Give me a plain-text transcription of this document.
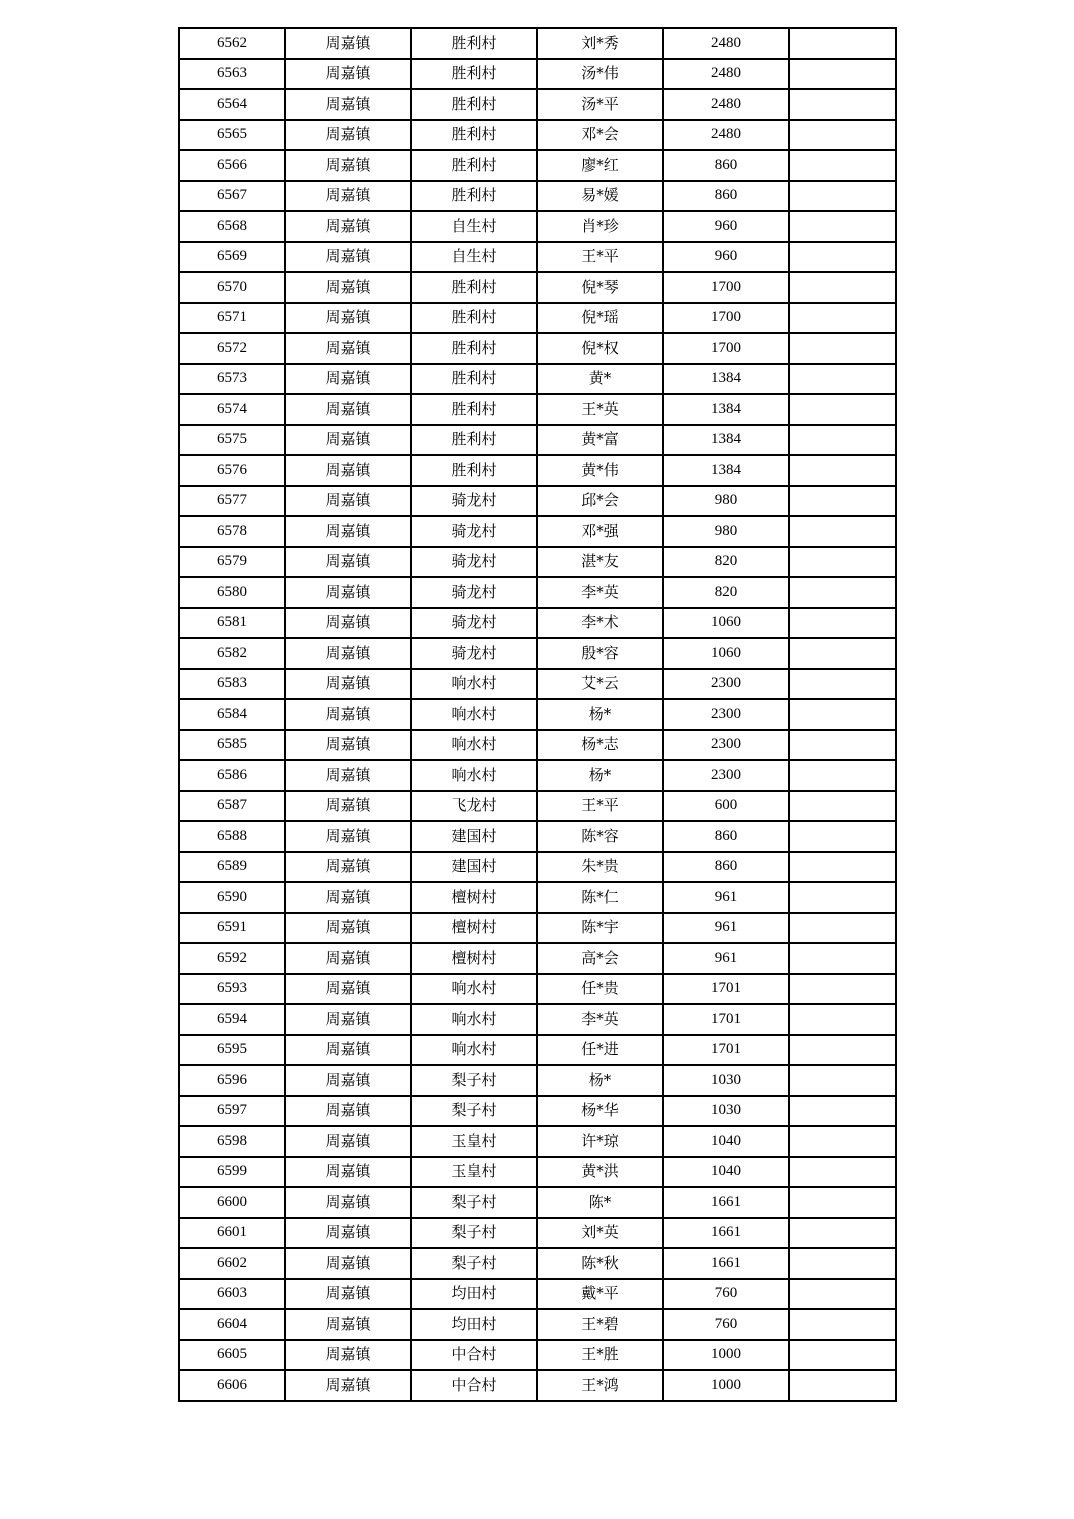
6562	周嘉镇	胜利村	刘*秀	2480	
6563	周嘉镇	胜利村	汤*伟	2480	
6564	周嘉镇	胜利村	汤*平	2480	
6565	周嘉镇	胜利村	邓*会	2480	
6566	周嘉镇	胜利村	廖*红	860	
6567	周嘉镇	胜利村	易*媛	860	
6568	周嘉镇	自生村	肖*珍	960	
6569	周嘉镇	自生村	王*平	960	
6570	周嘉镇	胜利村	倪*琴	1700	
6571	周嘉镇	胜利村	倪*瑶	1700	
6572	周嘉镇	胜利村	倪*权	1700	
6573	周嘉镇	胜利村	黄*	1384	
6574	周嘉镇	胜利村	王*英	1384	
6575	周嘉镇	胜利村	黄*富	1384	
6576	周嘉镇	胜利村	黄*伟	1384	
6577	周嘉镇	骑龙村	邱*会	980	
6578	周嘉镇	骑龙村	邓*强	980	
6579	周嘉镇	骑龙村	湛*友	820	
6580	周嘉镇	骑龙村	李*英	820	
6581	周嘉镇	骑龙村	李*术	1060	
6582	周嘉镇	骑龙村	殷*容	1060	
6583	周嘉镇	响水村	艾*云	2300	
6584	周嘉镇	响水村	杨*	2300	
6585	周嘉镇	响水村	杨*志	2300	
6586	周嘉镇	响水村	杨*	2300	
6587	周嘉镇	飞龙村	王*平	600	
6588	周嘉镇	建国村	陈*容	860	
6589	周嘉镇	建国村	朱*贵	860	
6590	周嘉镇	檀树村	陈*仁	961	
6591	周嘉镇	檀树村	陈*宇	961	
6592	周嘉镇	檀树村	高*会	961	
6593	周嘉镇	响水村	任*贵	1701	
6594	周嘉镇	响水村	李*英	1701	
6595	周嘉镇	响水村	任*进	1701	
6596	周嘉镇	梨子村	杨*	1030	
6597	周嘉镇	梨子村	杨*华	1030	
6598	周嘉镇	玉皇村	许*琼	1040	
6599	周嘉镇	玉皇村	黄*洪	1040	
6600	周嘉镇	梨子村	陈*	1661	
6601	周嘉镇	梨子村	刘*英	1661	
6602	周嘉镇	梨子村	陈*秋	1661	
6603	周嘉镇	均田村	戴*平	760	
6604	周嘉镇	均田村	王*碧	760	
6605	周嘉镇	中合村	王*胜	1000	
6606	周嘉镇	中合村	王*鸿	1000	
